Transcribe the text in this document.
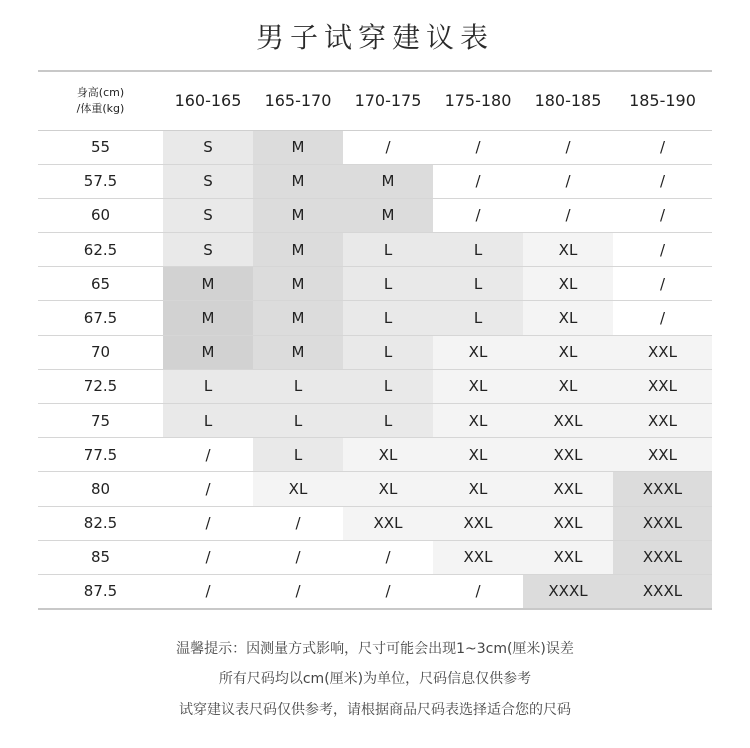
男子试穿建议表
身高(cm)
/体重(kg)	160-165	165-170	170-175	175-180	180-185	185-190
55	S	M	/	/	/	/
57.5	S	M	M	/	/	/
60	S	M	M	/	/	/
62.5	S	M	L	L	XL	/
65	M	M	L	L	XL	/
67.5	M	M	L	L	XL	/
70	M	M	L	XL	XL	XXL
72.5	L	L	L	XL	XL	XXL
75	L	L	L	XL	XXL	XXL
77.5	/	L	XL	XL	XXL	XXL
80	/	XL	XL	XL	XXL	XXXL
82.5	/	/	XXL	XXL	XXL	XXXL
85	/	/	/	XXL	XXL	XXXL
87.5	/	/	/	/	XXXL	XXXL
温馨提示：因测量方式影响，尺寸可能会出现1~3cm(厘米)误差
所有尺码均以cm(厘米)为单位，尺码信息仅供参考
试穿建议表尺码仅供参考，请根据商品尺码表选择适合您的尺码
